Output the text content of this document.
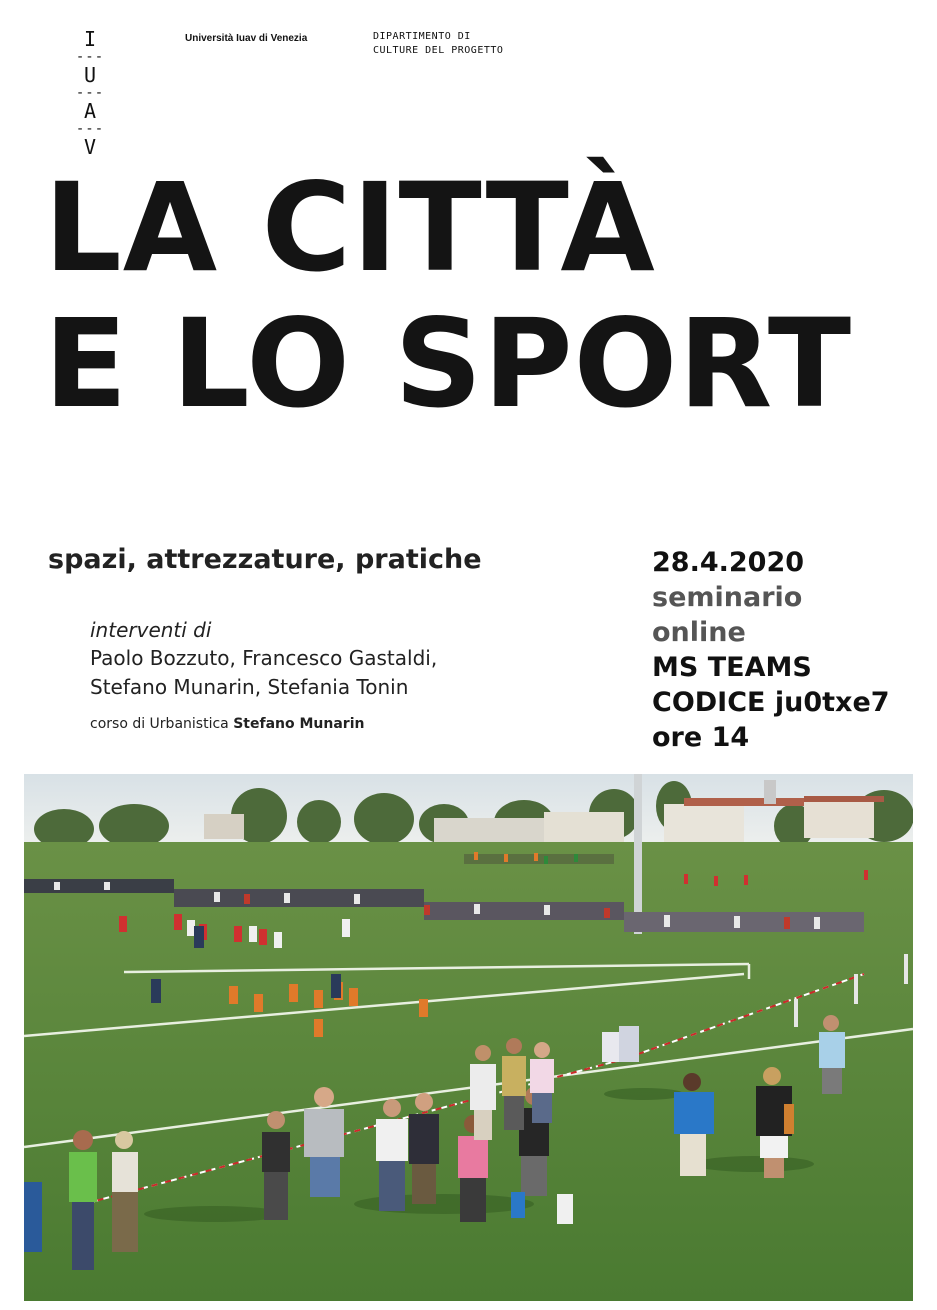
I
---
U
---
A
---
V
Università Iuav di Venezia	DIPARTIMENTO DI
CULTURE DEL PROGETTO
LA CITTÀ
E LO SPORT
spazi, attrezzature, pratiche
interventi di
Paolo Bozzuto, Francesco Gastaldi,
Stefano Munarin, Stefania Tonin
corso di Urbanistica Stefano Munarin
28.4.2020
seminario
online
MS TEAMS
CODICE ju0txe7
ore 14
